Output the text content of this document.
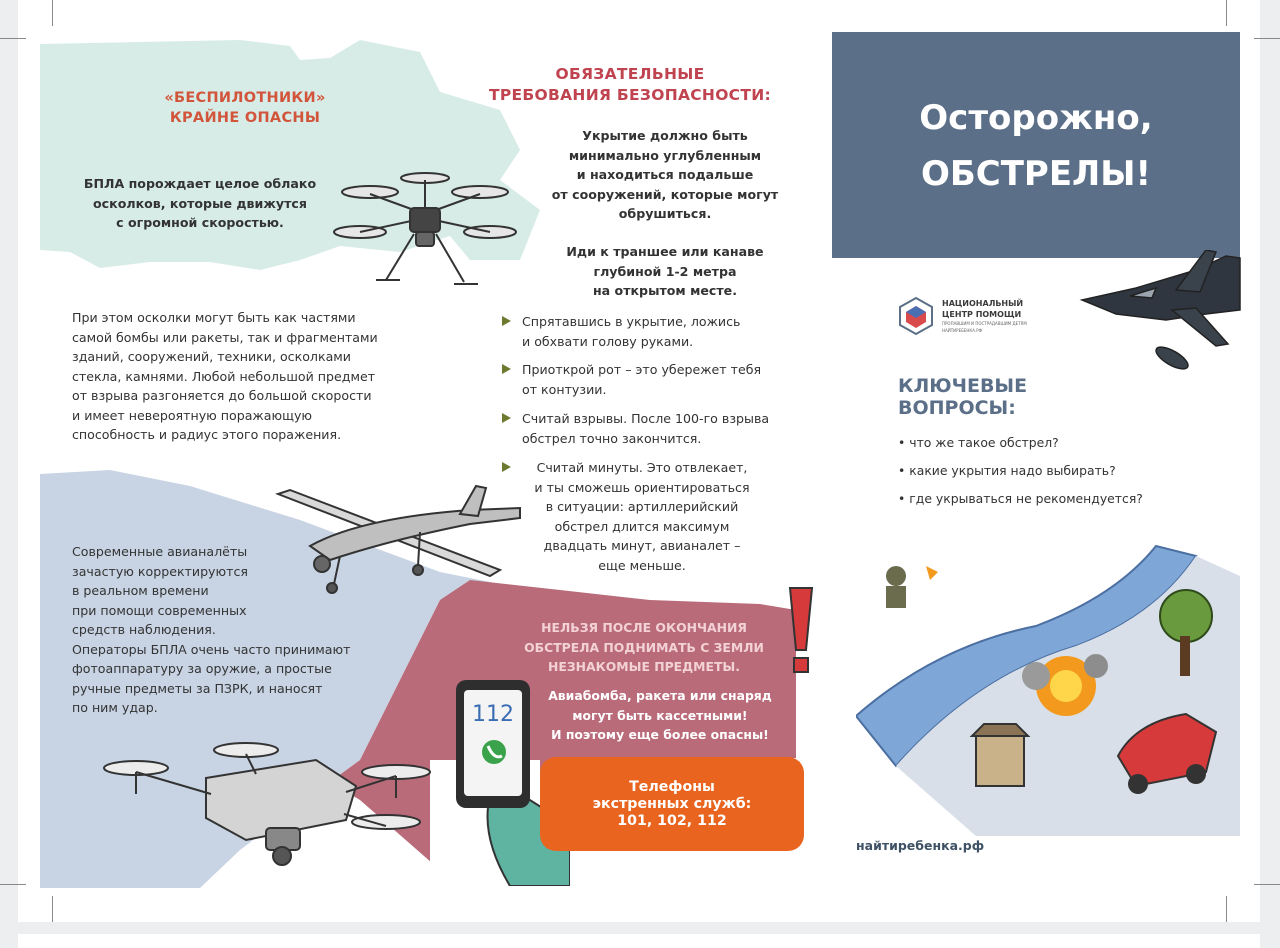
«БЕСПИЛОТНИКИ»
КРАЙНЕ ОПАСНЫ
БПЛА порождает целое облако
осколков, которые движутся
с огромной скоростью.
При этом осколки могут быть как частями
самой бомбы или ракеты, так и фрагментами
зданий, сооружений, техники, осколками
стекла, камнями. Любой небольшой предмет
от взрыва разгоняется до большой скорости
и имеет невероятную поражающую
способность и радиус этого поражения.
Современные авианалёты
зачастую корректируются
в реальном времени
при помощи современных
средств наблюдения.
Операторы БПЛА очень часто принимают
фотоаппаратуру за оружие, а простые
ручные предметы за ПЗРК, и наносят
по ним удар.
ОБЯЗАТЕЛЬНЫЕ
ТРЕБОВАНИЯ БЕЗОПАСНОСТИ:
Укрытие должно быть
минимально углубленным
и находиться подальше
от сооружений, которые могут
обрушиться.
Иди к траншее или канаве
глубиной 1-2 метра
на открытом месте.
Спрятавшись в укрытие, ложись
и обхвати голову руками.
Приоткрой рот – это убережет тебя
от контузии.
Считай взрывы. После 100-го взрыва
обстрел точно закончится.
Считай минуты. Это отвлекает,
и ты сможешь ориентироваться
в ситуации: артиллерийский
обстрел длится максимум
двадцать минут, авианалет –
еще меньше.
НЕЛЬЗЯ ПОСЛЕ ОКОНЧАНИЯ
ОБСТРЕЛА ПОДНИМАТЬ С ЗЕМЛИ
НЕЗНАКОМЫЕ ПРЕДМЕТЫ.
Авиабомба, ракета или снаряд
могут быть кассетными!
И поэтому еще более опасны!
112
Телефоны
экстренных служб:
101, 102, 112
Осторожно,
ОБСТРЕЛЫ!
НАЦИОНАЛЬНЫЙ
ЦЕНТР ПОМОЩИ
ПРОПАВШИМ И ПОСТРАДАВШИМ ДЕТЯМ
НАЙТИРЕБЕНКА.РФ
КЛЮЧЕВЫЕ
ВОПРОСЫ:
• что же такое обстрел?
• какие укрытия надо выбирать?
• где укрываться не рекомендуется?
найтиребенка.рф
